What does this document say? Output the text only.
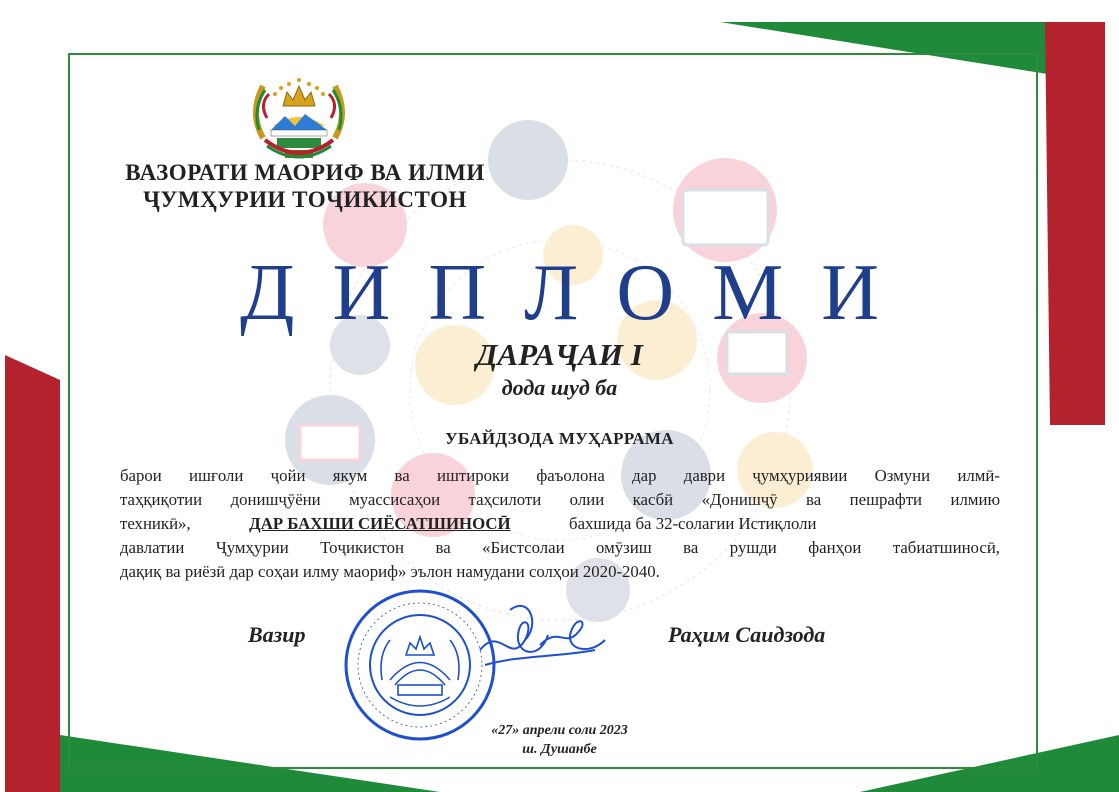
ВАЗОРАТИ МАОРИФ ВА ИЛМИ
ҶУМҲУРИИ ТОҶИКИСТОН
ДИПЛОМИ
ДАРАҶАИ I
дода шуд ба
УБАЙДЗОДА МУҲАРРАМА
барои ишғоли ҷойи якум ва иштироки фаъолона дар даври ҷумҳуриявии Озмуни илмӣ-
таҳқиқотии донишҷӯёни муассисаҳои таҳсилоти олии касбӣ «Донишҷӯ ва пешрафти илмию
техникӣ»,	ДАР БАХШИ СИЁСАТШИНОСӢ	бахшида ба 32-солагии Истиқлоли
давлатии Ҷумҳурии Тоҷикистон ва «Бистсолаи омӯзиш ва рушди фанҳои табиатшиносӣ,
дақиқ ва риёзӣ дар соҳаи илму маориф» эълон намудани солҳои 2020-2040.
Вазир	Раҳим Саидзода
«27» апрели соли 2023
ш. Душанбе
